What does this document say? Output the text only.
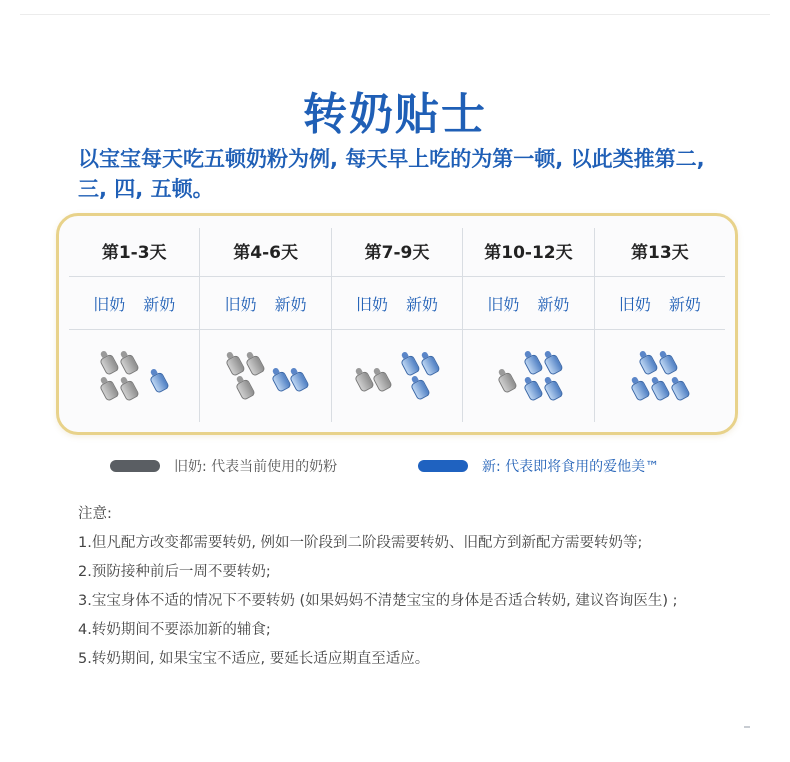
转奶贴士
以宝宝每天吃五顿奶粉为例, 每天早上吃的为第一顿, 以此类推第二, 三, 四, 五顿。
第1-3天
旧奶 新奶
第4-6天
旧奶 新奶
第7-9天
旧奶 新奶
第10-12天
旧奶 新奶
第13天
旧奶 新奶
旧奶: 代表当前使用的奶粉	新: 代表即将食用的爱他美™
注意:
1.但凡配方改变都需要转奶, 例如一阶段到二阶段需要转奶、旧配方到新配方需要转奶等;
2.预防接种前后一周不要转奶;
3.宝宝身体不适的情况下不要转奶 (如果妈妈不清楚宝宝的身体是否适合转奶, 建议咨询医生) ;
4.转奶期间不要添加新的辅食;
5.转奶期间, 如果宝宝不适应, 要延长适应期直至适应。
